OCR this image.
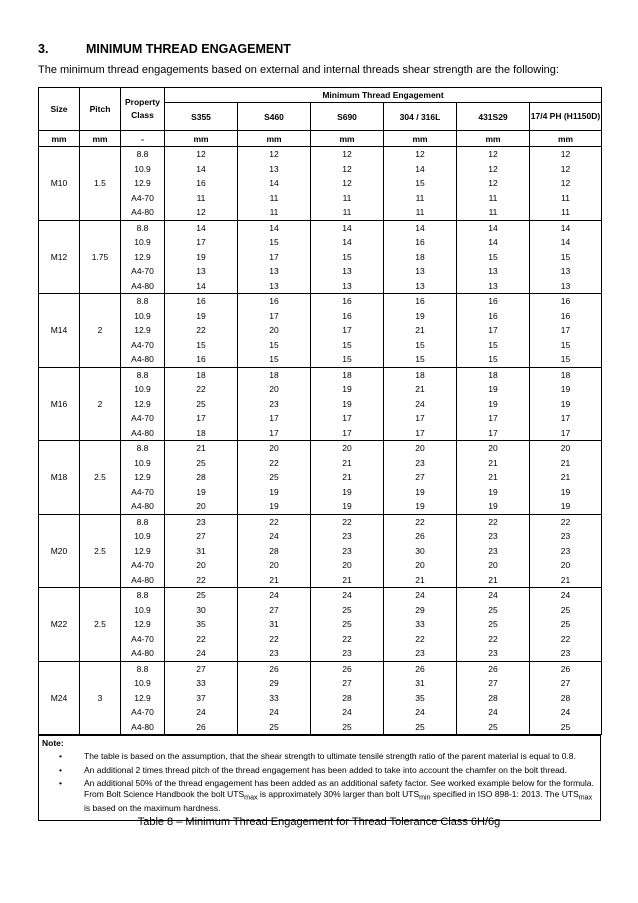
3.	MINIMUM THREAD ENGAGEMENT
The minimum thread engagements based on external and internal threads shear strength are the following:
Size	Pitch	Property Class	Minimum Thread Engagement					
			S355	S460	S690	304 / 316L	431S29	17/4 PH (H1150D)
mm	mm	-	mm	mm	mm	mm	mm	mm
M10	1.5	8.8	12	12	12	12	12	12
		10.9	14	13	12	14	12	12
		12.9	16	14	12	15	12	12
		A4-70	11	11	11	11	11	11
		A4-80	12	11	11	11	11	11
M12	1.75	8.8	14	14	14	14	14	14
		10.9	17	15	14	16	14	14
		12.9	19	17	15	18	15	15
		A4-70	13	13	13	13	13	13
		A4-80	14	13	13	13	13	13
M14	2	8.8	16	16	16	16	16	16
		10.9	19	17	16	19	16	16
		12.9	22	20	17	21	17	17
		A4-70	15	15	15	15	15	15
		A4-80	16	15	15	15	15	15
M16	2	8.8	18	18	18	18	18	18
		10.9	22	20	19	21	19	19
		12.9	25	23	19	24	19	19
		A4-70	17	17	17	17	17	17
		A4-80	18	17	17	17	17	17
M18	2.5	8.8	21	20	20	20	20	20
		10.9	25	22	21	23	21	21
		12.9	28	25	21	27	21	21
		A4-70	19	19	19	19	19	19
		A4-80	20	19	19	19	19	19
M20	2.5	8.8	23	22	22	22	22	22
		10.9	27	24	23	26	23	23
		12.9	31	28	23	30	23	23
		A4-70	20	20	20	20	20	20
		A4-80	22	21	21	21	21	21
M22	2.5	8.8	25	24	24	24	24	24
		10.9	30	27	25	29	25	25
		12.9	35	31	25	33	25	25
		A4-70	22	22	22	22	22	22
		A4-80	24	23	23	23	23	23
M24	3	8.8	27	26	26	26	26	26
		10.9	33	29	27	31	27	27
		12.9	37	33	28	35	28	28
		A4-70	24	24	24	24	24	24
		A4-80	26	25	25	25	25	25
Note:
•	The table is based on the assumption, that the shear strength to ultimate tensile strength ratio of the parent material is equal to 0.8.
•	An additional 2 times thread pitch of the thread engagement has been added to take into account the chamfer on the bolt thread.
•	An additional 50% of the thread engagement has been added as an additional safety factor. See worked example below for the formula. From Bolt Science Handbook the bolt $UTS_{max}$ is approximately 30% larger than bolt $UTS_{min}$ specified in ISO 898-1: 2013. The $UTS_{max}$ is based on the maximum hardness.
Table 8 – Minimum Thread Engagement for Thread Tolerance Class 6H/6g
